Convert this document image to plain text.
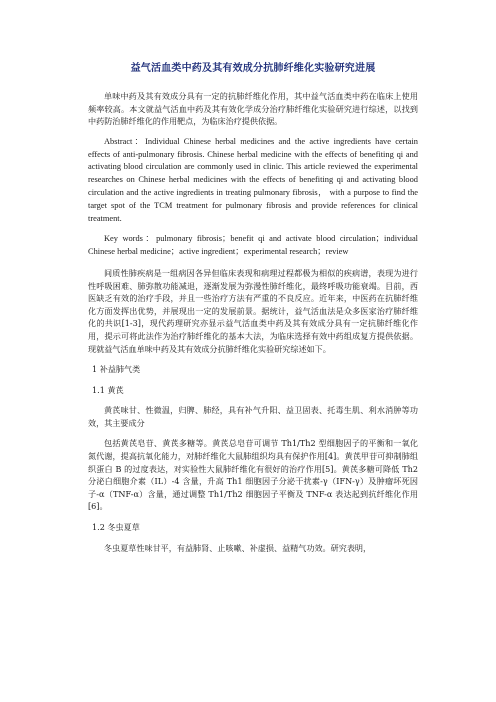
益气活血类中药及其有效成分抗肺纤维化实验研究进展

单味中药及其有效成分具有一定的抗肺纤维化作用，其中益气活血类中药在临床上使用频率较高。本文就益气活血中药及其有效化学成分治疗肺纤维化实验研究进行综述，以找到中药防治肺纤维化的作用靶点，为临床治疗提供依据。

Abstract：Individual Chinese herbal medicines and the active ingredients have certain effects of anti-pulmonary fibrosis. Chinese herbal medicine with the effects of benefiting qi and activating blood circulation are commonly used in clinic. This article reviewed the experimental researches on Chinese herbal medicines with the effects of benefiting qi and activating blood circulation and the active ingredients in treating pulmonary fibrosis， with a purpose to find the target spot of the TCM treatment for pulmonary fibrosis and provide references for clinical treatment.

Key words：pulmonary fibrosis；benefit qi and activate blood circulation；individual Chinese herbal medicine；active ingredient；experimental research；review

间质性肺疾病是一组病因各异但临床表现和病理过程都极为相似的疾病谱，表现为进行性呼吸困难、肺弥散功能减退，逐渐发展为弥漫性肺纤维化，最终呼吸功能衰竭。目前，西医缺乏有效的治疗手段，并且一些治疗方法有严重的不良反应。近年来，中医药在抗肺纤维化方面发挥出优势，并展现出一定的发展前景。据统计，益气活血法是众多医家治疗肺纤维化的共识[1-3]，现代药理研究亦显示益气活血类中药及其有效成分具有一定抗肺纤维化作用，提示可将此法作为治疗肺纤维化的基本大法，为临床选择有效中药组成复方提供依据。现就益气活血单味中药及其有效成分抗肺纤维化实验研究综述如下。

1 补益肺气类
1.1 黄芪

黄芪味甘、性微温，归脾、肺经，具有补气升阳、益卫固表、托毒生肌、利水消肿等功效，其主要成分

包括黄芪皂苷、黄芪多糖等。黄芪总皂苷可调节 Th1/Th2 型细胞因子的平衡和一氧化氮代谢，提高抗氧化能力，对肺纤维化大鼠肺组织均具有保护作用[4]。黄芪甲苷可抑制肺组织蛋白 B 的过度表达，对实验性大鼠肺纤维化有很好的治疗作用[5]。黄芪多糖可降低 Th2 分泌白细胞介素（IL）-4 含量，升高 Th1 细胞因子分泌干扰素-γ（IFN-γ）及肿瘤坏死因子-α（TNF-α）含量，通过调整 Th1/Th2 细胞因子平衡及 TNF-α 表达起到抗纤维化作用[6]。

1.2 冬虫夏草

冬虫夏草性味甘平，有益肺肾、止咳嗽、补虚损、益精气功效。研究表明，
